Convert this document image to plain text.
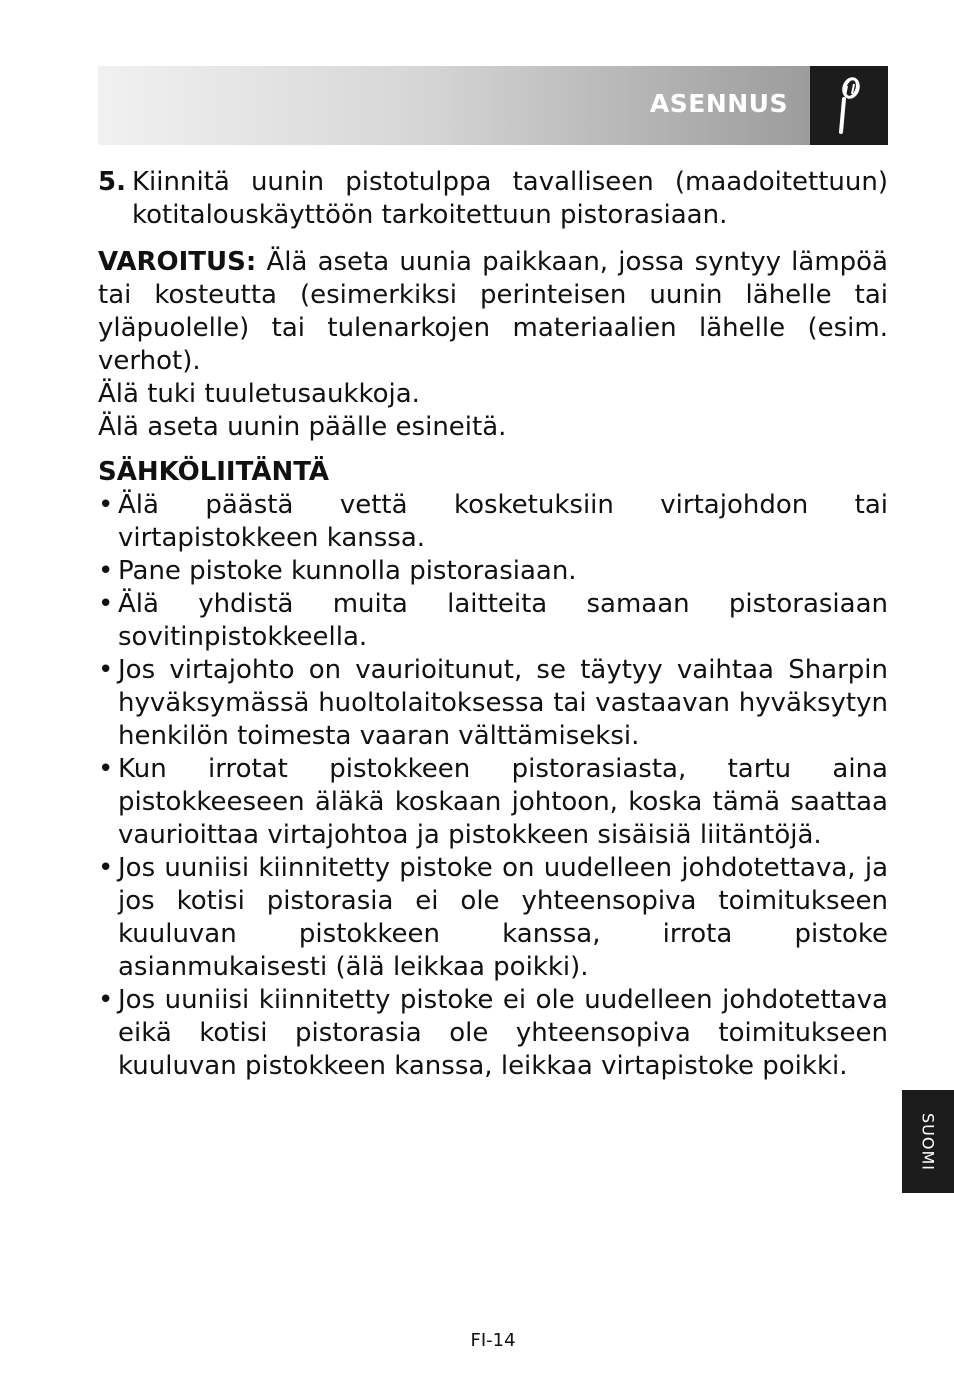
ASENNUS
5. Kiinnitä uunin pistotulppa tavalliseen (maadoitettuun) kotitalouskäyttöön tarkoitettuun pistorasiaan.
VAROITUS: Älä aseta uunia paikkaan, jossa syntyy lämpöä tai kosteutta (esimerkiksi perinteisen uunin lähelle tai yläpuolelle) tai tulenarkojen materiaalien lähelle (esim. verhot).
Älä tuki tuuletusaukkoja.
Älä aseta uunin päälle esineitä.
SÄHKÖLIITÄNTÄ
• Älä päästä vettä kosketuksiin virtajohdon tai virtapistokkeen kanssa.
• Pane pistoke kunnolla pistorasiaan.
• Älä yhdistä muita laitteita samaan pistorasiaan sovitinpistokkeella.
• Jos virtajohto on vaurioitunut, se täytyy vaihtaa Sharpin hyväksymässä huoltolaitoksessa tai vastaavan hyväksytyn henkilön toimesta vaaran välttämiseksi.
• Kun irrotat pistokkeen pistorasiasta, tartu aina pistokkeeseen äläkä koskaan johtoon, koska tämä saattaa vaurioittaa virtajohtoa ja pistokkeen sisäisiä liitäntöjä.
• Jos uuniisi kiinnitetty pistoke on uudelleen johdotettava, ja jos kotisi pistorasia ei ole yhteensopiva toimitukseen kuuluvan pistokkeen kanssa, irrota pistoke asianmukaisesti (älä leikkaa poikki).
• Jos uuniisi kiinnitetty pistoke ei ole uudelleen johdotettava eikä kotisi pistorasia ole yhteensopiva toimitukseen kuuluvan pistokkeen kanssa, leikkaa virtapistoke poikki.
SUOMI
FI-14
